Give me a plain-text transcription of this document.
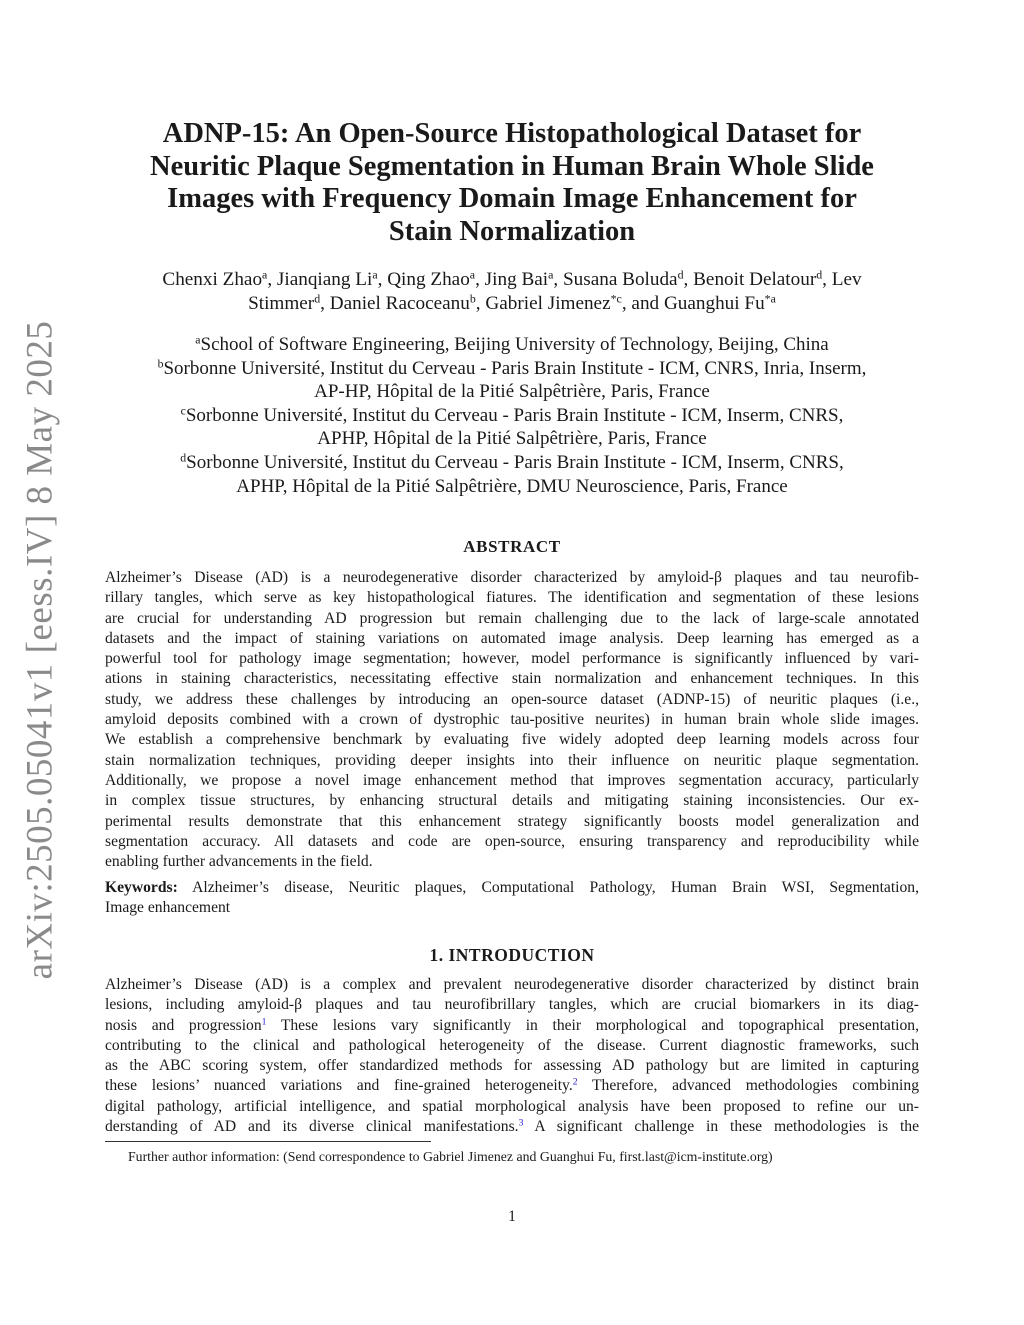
arXiv:2505.05041v1 [eess.IV] 8 May 2025
ADNP-15: An Open-Source Histopathological Dataset for
Neuritic Plaque Segmentation in Human Brain Whole Slide
Images with Frequency Domain Image Enhancement for
Stain Normalization
Chenxi Zhao$^a$, Jianqiang Li$^a$, Qing Zhao$^a$, Jing Bai$^a$, Susana Boluda$^d$, Benoit Delatour$^d$, Lev
Stimmer$^d$, Daniel Racoceanu$^b$, Gabriel Jimenez$^{*c}$, and Guanghui Fu$^{*a}$
$^a$School of Software Engineering, Beijing University of Technology, Beijing, China
$^b$Sorbonne Université, Institut du Cerveau - Paris Brain Institute - ICM, CNRS, Inria, Inserm,
AP-HP, Hôpital de la Pitié Salpêtrière, Paris, France
$^c$Sorbonne Université, Institut du Cerveau - Paris Brain Institute - ICM, Inserm, CNRS,
APHP, Hôpital de la Pitié Salpêtrière, Paris, France
$^d$Sorbonne Université, Institut du Cerveau - Paris Brain Institute - ICM, Inserm, CNRS,
APHP, Hôpital de la Pitié Salpêtrière, DMU Neuroscience, Paris, France
ABSTRACT
Alzheimer’s Disease (AD) is a neurodegenerative disorder characterized by amyloid-β plaques and tau neurofib-
rillary tangles, which serve as key histopathological fiatures. The identification and segmentation of these lesions
are crucial for understanding AD progression but remain challenging due to the lack of large-scale annotated
datasets and the impact of staining variations on automated image analysis. Deep learning has emerged as a
powerful tool for pathology image segmentation; however, model performance is significantly influenced by vari-
ations in staining characteristics, necessitating effective stain normalization and enhancement techniques. In this
study, we address these challenges by introducing an open-source dataset (ADNP-15) of neuritic plaques (i.e.,
amyloid deposits combined with a crown of dystrophic tau-positive neurites) in human brain whole slide images.
We establish a comprehensive benchmark by evaluating five widely adopted deep learning models across four
stain normalization techniques, providing deeper insights into their influence on neuritic plaque segmentation.
Additionally, we propose a novel image enhancement method that improves segmentation accuracy, particularly
in complex tissue structures, by enhancing structural details and mitigating staining inconsistencies. Our ex-
perimental results demonstrate that this enhancement strategy significantly boosts model generalization and
segmentation accuracy. All datasets and code are open-source, ensuring transparency and reproducibility while
enabling further advancements in the field.
Keywords: Alzheimer’s disease, Neuritic plaques, Computational Pathology, Human Brain WSI, Segmentation,
Image enhancement
1. INTRODUCTION
Alzheimer’s Disease (AD) is a complex and prevalent neurodegenerative disorder characterized by distinct brain
lesions, including amyloid-β plaques and tau neurofibrillary tangles, which are crucial biomarkers in its diag-
nosis and progression$^1$ These lesions vary significantly in their morphological and topographical presentation,
contributing to the clinical and pathological heterogeneity of the disease. Current diagnostic frameworks, such
as the ABC scoring system, offer standardized methods for assessing AD pathology but are limited in capturing
these lesions’ nuanced variations and fine-grained heterogeneity.$^2$ Therefore, advanced methodologies combining
digital pathology, artificial intelligence, and spatial morphological analysis have been proposed to refine our un-
derstanding of AD and its diverse clinical manifestations.$^3$ A significant challenge in these methodologies is the
Further author information: (Send correspondence to Gabriel Jimenez and Guanghui Fu, first.last@icm-institute.org)
1
